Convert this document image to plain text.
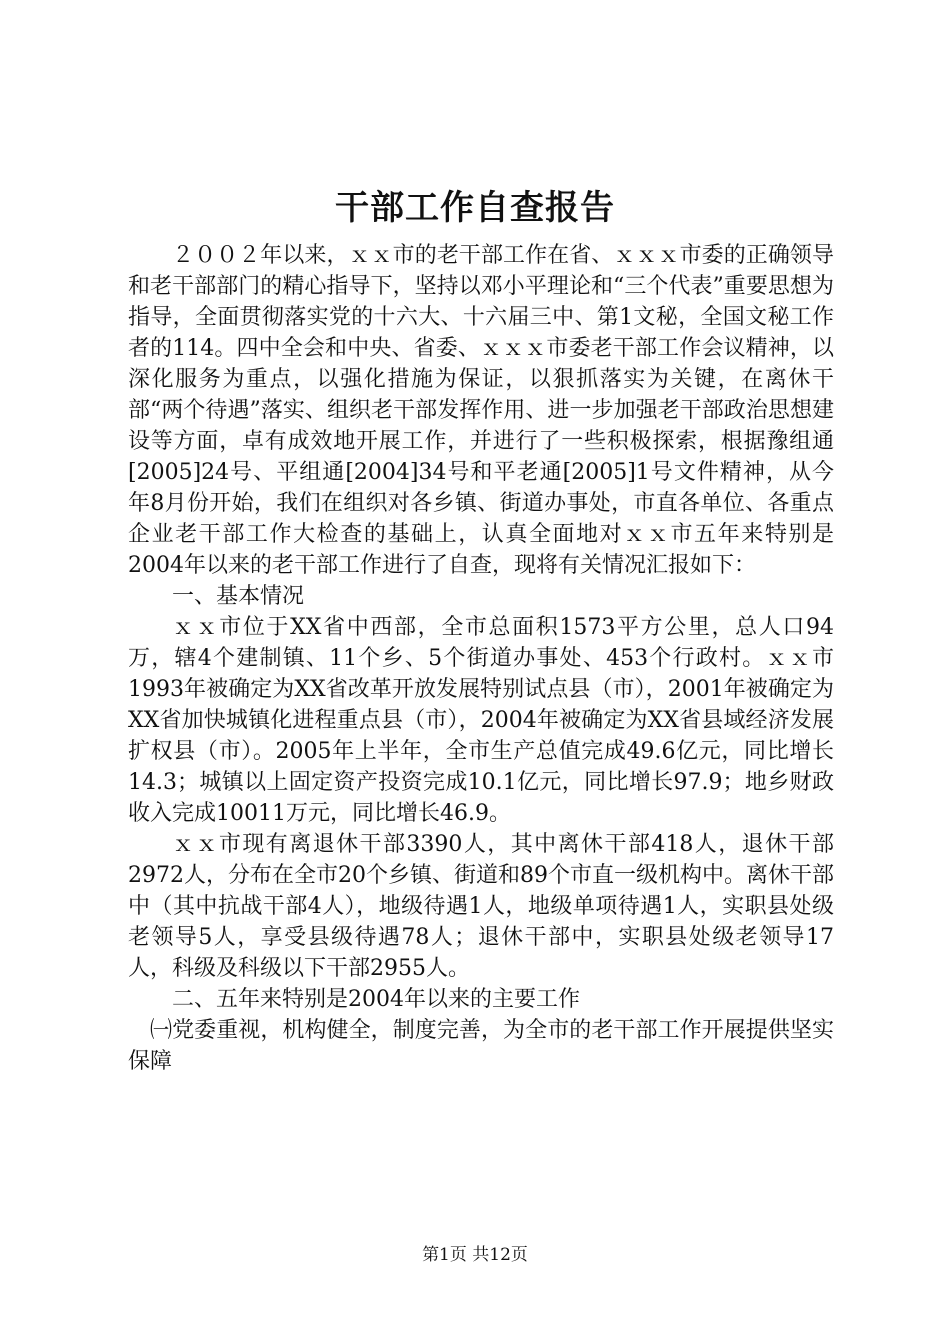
干部工作自查报告

２００２年以来，ｘｘ市的老干部工作在省、ｘｘｘ市委的正确领导和老干部部门的精心指导下，坚持以邓小平理论和“三个代表”重要思想为指导，全面贯彻落实党的十六大、十六届三中、第1文秘，全国文秘工作者的114。四中全会和中央、省委、ｘｘｘ市委老干部工作会议精神，以深化服务为重点，以强化措施为保证，以狠抓落实为关键，在离休干部“两个待遇”落实、组织老干部发挥作用、进一步加强老干部政治思想建设等方面，卓有成效地开展工作，并进行了一些积极探索，根据豫组通[2005]24号、平组通[2004]34号和平老通[2005]1号文件精神，从今年8月份开始，我们在组织对各乡镇、街道办事处，市直各单位、各重点企业老干部工作大检查的基础上，认真全面地对ｘｘ市五年来特别是2004年以来的老干部工作进行了自查，现将有关情况汇报如下：

一、基本情况

ｘｘ市位于XX省中西部，全市总面积1573平方公里，总人口94万，辖4个建制镇、11个乡、5个街道办事处、453个行政村。ｘｘ市1993年被确定为XX省改革开放发展特别试点县（市），2001年被确定为XX省加快城镇化进程重点县（市），2004年被确定为XX省县域经济发展扩权县（市）。2005年上半年，全市生产总值完成49.6亿元，同比增长14.3；城镇以上固定资产投资完成10.1亿元，同比增长97.9；地乡财政收入完成10011万元，同比增长46.9。

ｘｘ市现有离退休干部3390人，其中离休干部418人，退休干部2972人，分布在全市20个乡镇、街道和89个市直一级机构中。离休干部中（其中抗战干部4人），地级待遇1人，地级单项待遇1人，实职县处级老领导5人，享受县级待遇78人；退休干部中，实职县处级老领导17人，科级及科级以下干部2955人。

二、五年来特别是2004年以来的主要工作

㈠党委重视，机构健全，制度完善，为全市的老干部工作开展提供坚实保障

第1页 共12页
